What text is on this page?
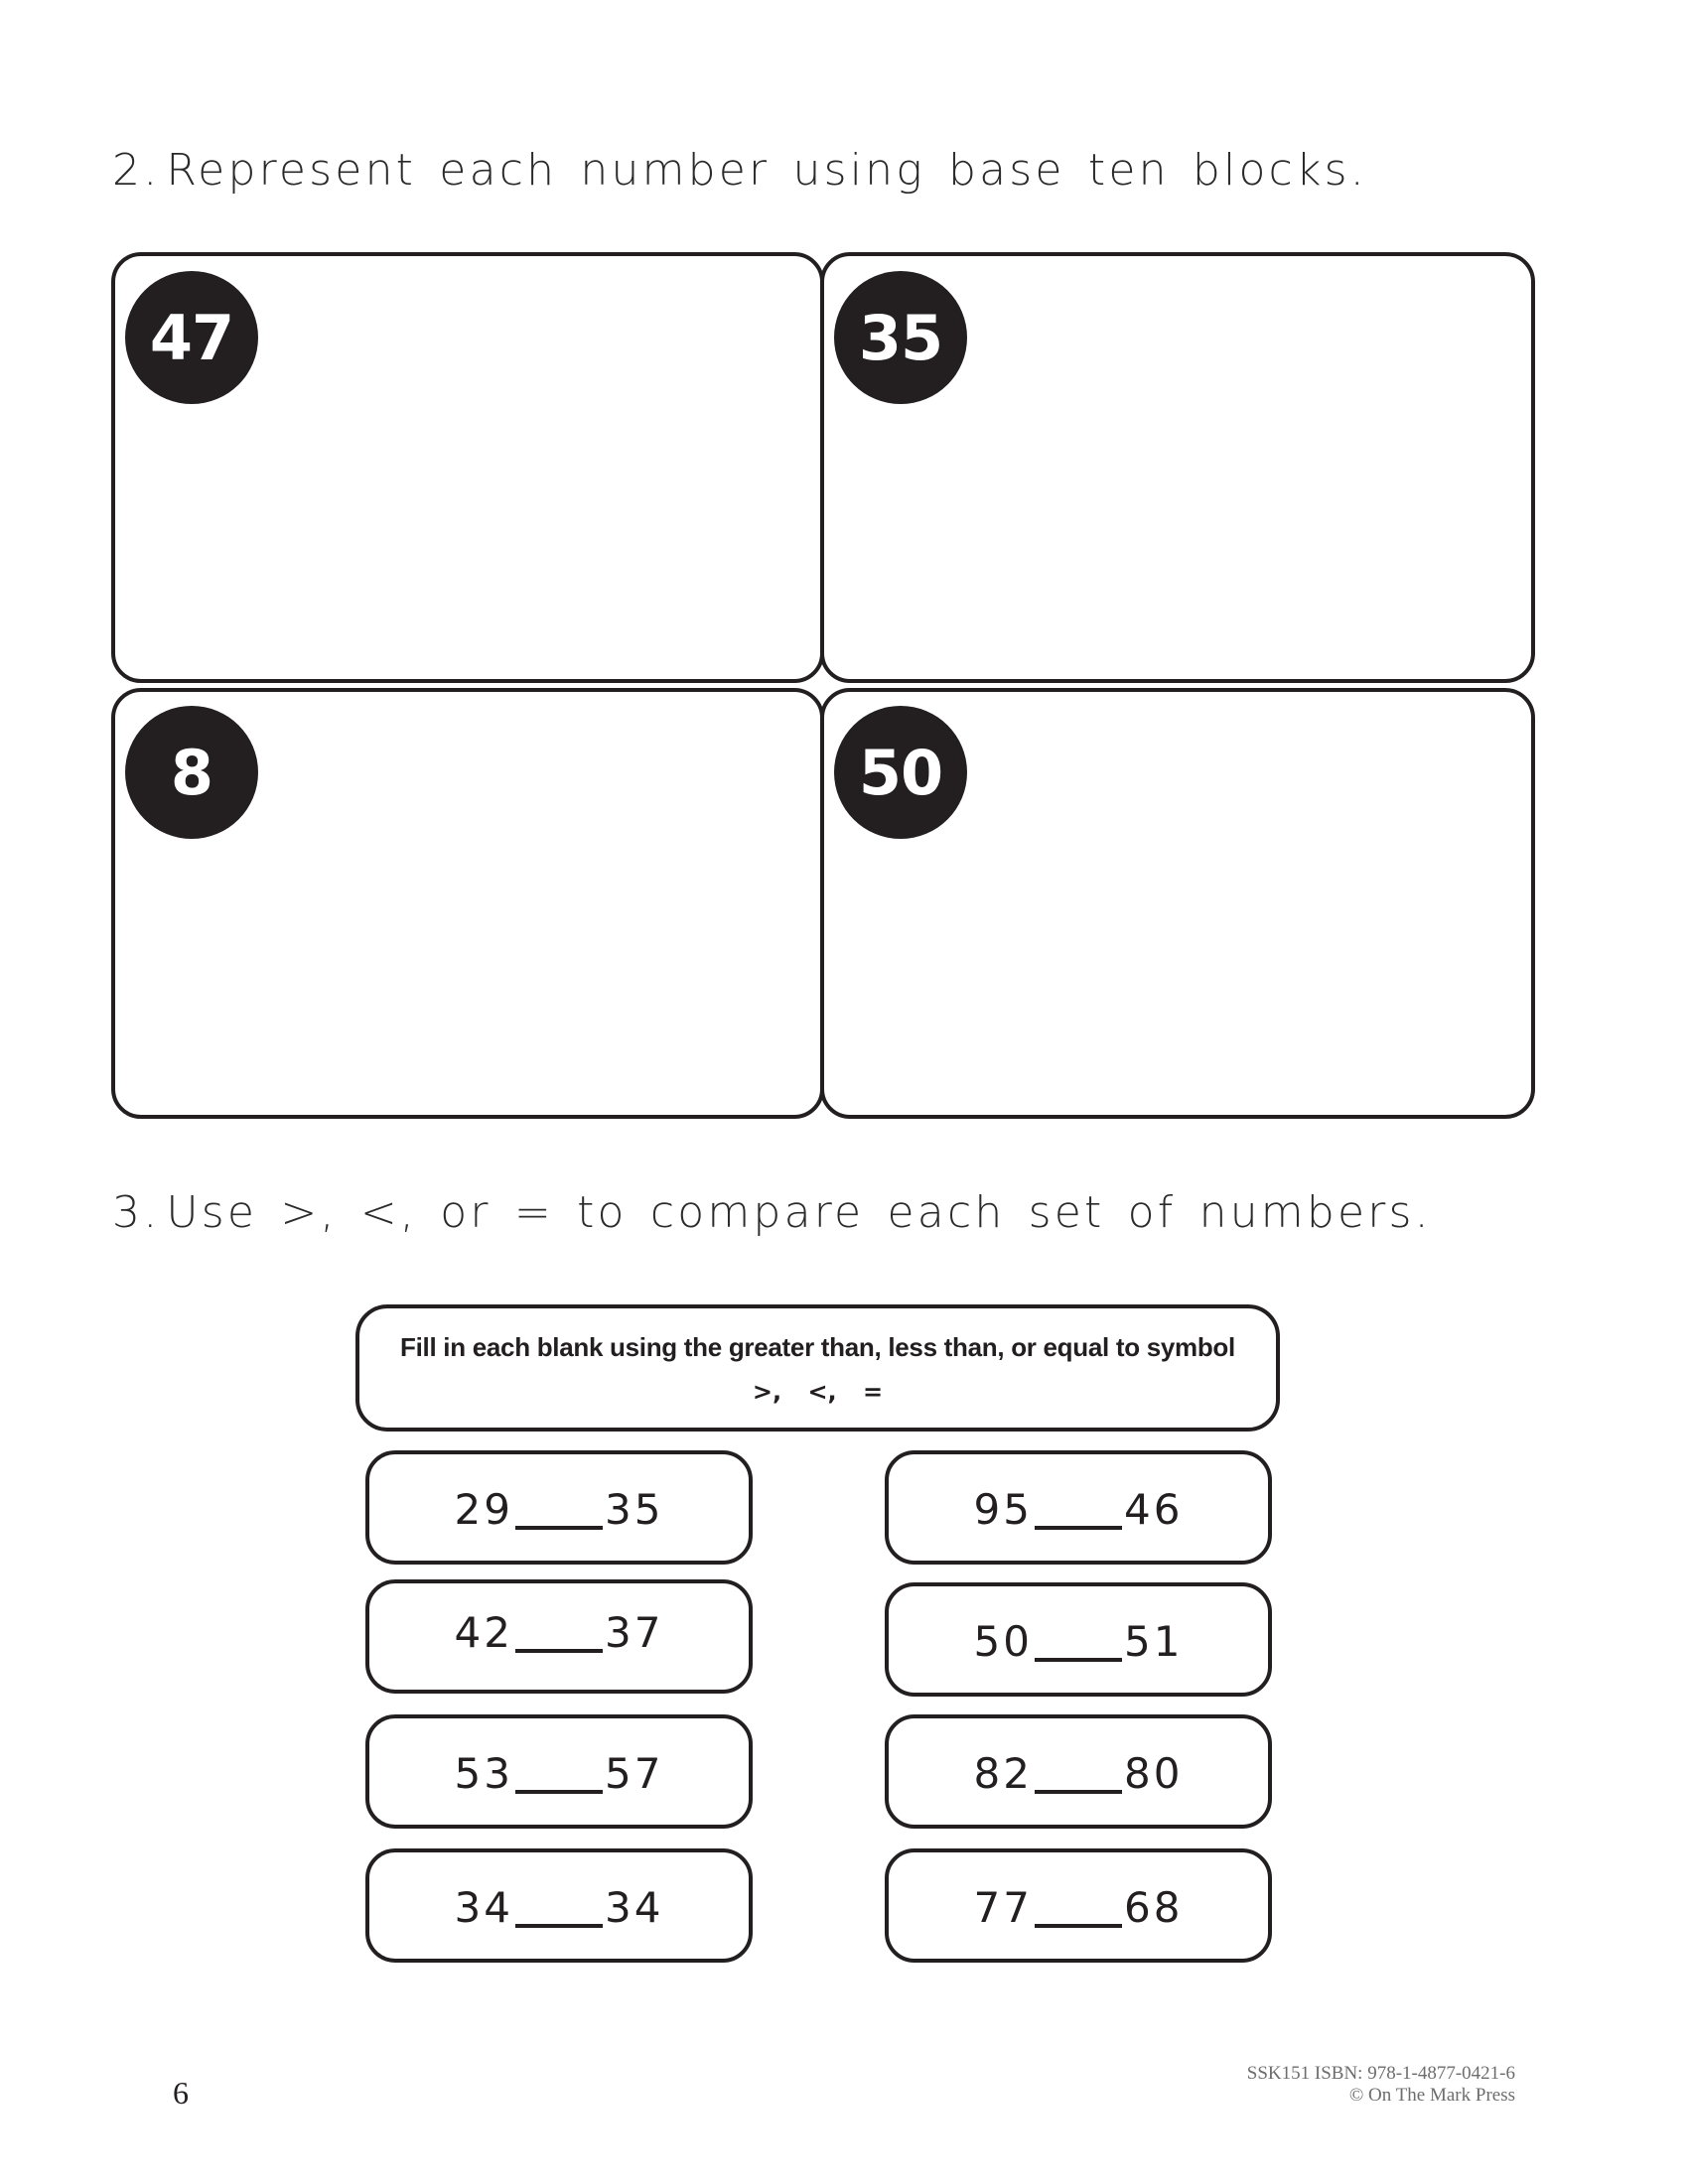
2. Represent each number using base ten blocks.
47	35
8	50
3. Use >, <, or = to compare each set of numbers.
Fill in each blank using the greater than, less than, or equal to symbol
>, <, =
29 35
42 37
53 57
34 34
95 46
50 51
82 80
77 68
6
SSK151 ISBN: 978-1-4877-0421-6
© On The Mark Press
